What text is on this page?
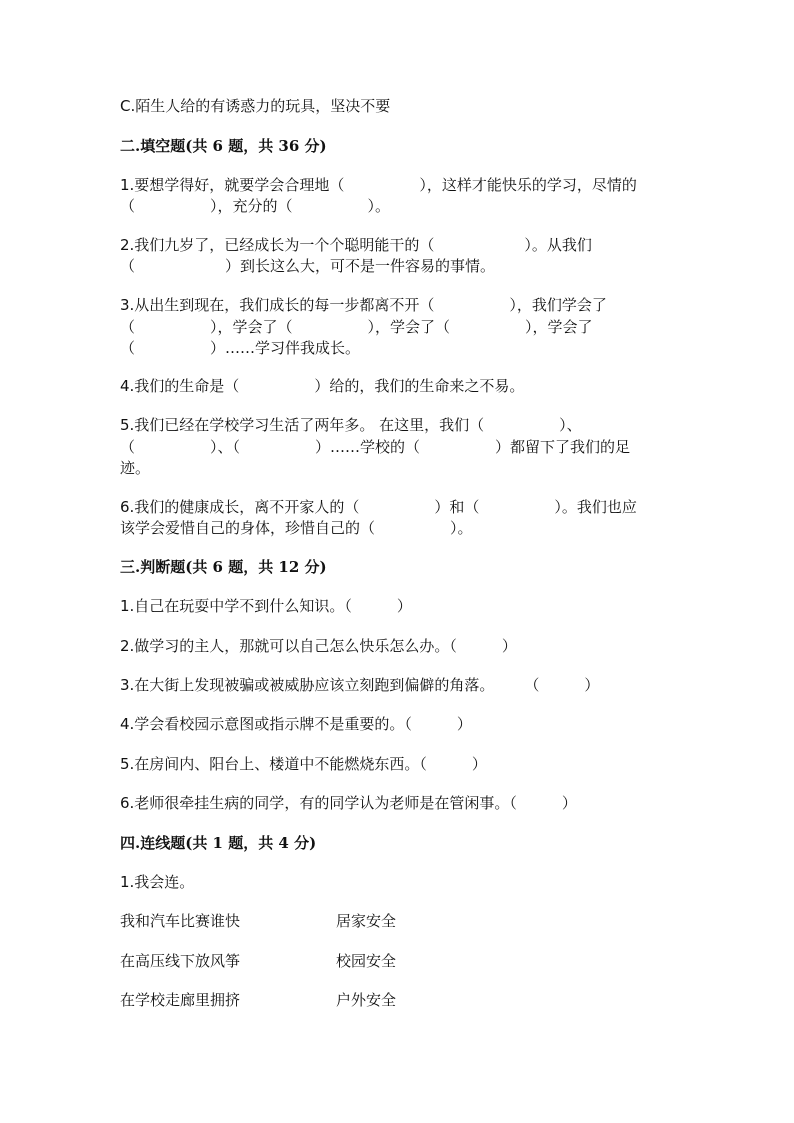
C.陌生人给的有诱惑力的玩具，坚决不要

二.填空题(共 6 题，共 36 分)

1.要想学得好，就要学会合理地（　　　　　），这样才能快乐的学习，尽情的

（　　　　　），充分的（　　　　　）。

2.我们九岁了，已经成长为一个个聪明能干的（　　　　　　）。从我们

（　　　　　　）到长这么大，可不是一件容易的事情。

3.从出生到现在，我们成长的每一步都离不开（　　　　　），我们学会了

（　　　　　），学会了（　　　　　），学会了（　　　　　），学会了

（　　　　　）……学习伴我成长。

4.我们的生命是（　　　　　）给的，我们的生命来之不易。

5.我们已经在学校学习生活了两年多。 在这里，我们（　　　　　）、

（　　　　　）、（　　　　　）……学校的（　　　　　）都留下了我们的足

迹。

6.我们的健康成长，离不开家人的（　　　　　）和（　　　　　）。我们也应

该学会爱惜自己的身体，珍惜自己的（　　　　　）。

三.判断题(共 6 题，共 12 分)

1.自己在玩耍中学不到什么知识。（　　　）

2.做学习的主人，那就可以自己怎么快乐怎么办。（　　　）

3.在大街上发现被骗或被威胁应该立刻跑到偏僻的角落。　　　（　　　）

4.学会看校园示意图或指示牌不是重要的。（　　　）

5.在房间内、阳台上、楼道中不能燃烧东西。（　　　）

6.老师很牵挂生病的同学，有的同学认为老师是在管闲事。（　　　）

四.连线题(共 1 题，共 4 分)

1.我会连。

我和汽车比赛谁快	居家安全
在高压线下放风筝	校园安全
在学校走廊里拥挤	户外安全
